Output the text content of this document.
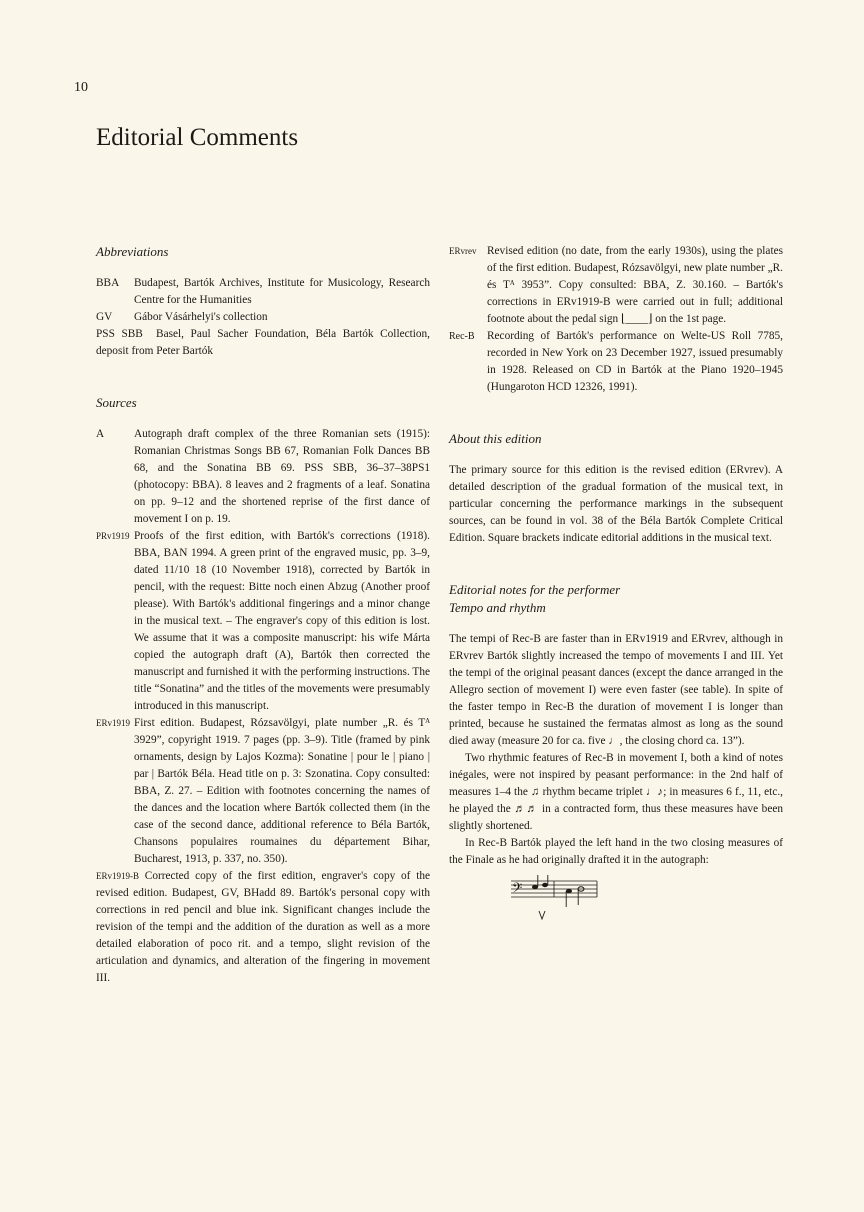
10
Editorial Comments

Abbreviations

BBA Budapest, Bartók Archives, Institute for Musicology, Research Centre for the Humanities
GV Gábor Vásárhelyi's collection
PSS SBB Basel, Paul Sacher Foundation, Béla Bartók Collection, deposit from Peter Bartók

Sources

A	Autograph draft complex of the three Romanian sets (1915): Romanian Christmas Songs BB 67, Romanian Folk Dances BB 68, and the Sonatina BB 69. PSS SBB, 36–37–38PS1 (photocopy: BBA). 8 leaves and 2 fragments of a leaf. Sonatina on pp. 9–12 and the shortened reprise of the first dance of movement I on p. 19.
PRv1919 Proofs of the first edition, with Bartók's corrections (1918). BBA, BAN 1994. A green print of the engraved music, pp. 3–9, dated 11/10 18 (10 November 1918), corrected by Bartók in pencil, with the request: Bitte noch einen Abzug (Another proof please). With Bartók's additional fingerings and a minor change in the musical text. – The engraver's copy of this edition is lost. We assume that it was a composite manuscript: his wife Márta copied the autograph draft (A), Bartók then corrected the manuscript and furnished it with the performing instructions. The title “Sonatina” and the titles of the movements were presumably introduced in this manuscript.
ERv1919 First edition. Budapest, Rózsavölgyi, plate number „R. és Tᴬ 3929”, copyright 1919. 7 pages (pp. 3–9). Title (framed by pink ornaments, design by Lajos Kozma): Sonatine | pour le | piano | par | Bartók Béla. Head title on p. 3: Szonatina. Copy consulted: BBA, Z. 27. – Edition with footnotes concerning the names of the dances and the location where Bartók collected them (in the case of the second dance, additional reference to Béla Bartók, Chansons populaires roumaines du département Bihar, Bucharest, 1913, p. 337, no. 350).
ERv1919-B Corrected copy of the first edition, engraver's copy of the revised edition. Budapest, GV, BHadd 89. Bartók's personal copy with corrections in red pencil and blue ink. Significant changes include the revision of the tempi and the addition of the duration as well as a more detailed elaboration of poco rit. and a tempo, slight revision of the articulation and dynamics, and alteration of the fingering in movement III.
ERvrev Revised edition (no date, from the early 1930s), using the plates of the first edition. Budapest, Rózsavölgyi, new plate number „R. és Tᴬ 3953”. Copy consulted: BBA, Z. 30.160. – Bartók's corrections in ERv1919-B were carried out in full; additional footnote about the pedal sign ⌊____⌋ on the 1st page.
Rec-B Recording of Bartók's performance on Welte-US Roll 7785, recorded in New York on 23 December 1927, issued presumably in 1928. Released on CD in Bartók at the Piano 1920–1945 (Hungaroton HCD 12326, 1991).

About this edition

The primary source for this edition is the revised edition (ERvrev). A detailed description of the gradual formation of the musical text, in particular concerning the performance markings in the subsequent sources, can be found in vol. 38 of the Béla Bartók Complete Critical Edition. Square brackets indicate editorial additions in the musical text.

Editorial notes for the performer

Tempo and rhythm

The tempi of Rec-B are faster than in ERv1919 and ERvrev, although in ERvrev Bartók slightly increased the tempo of movements I and III. Yet the tempi of the original peasant dances (except the dance arranged in the Allegro section of movement I) were even faster (see table). In spite of the faster tempo in Rec-B the duration of movement I is longer than printed, because he sustained the fermatas almost as long as the sound died away (measure 20 for ca. five ♩, the closing chord ca. 13”).

Two rhythmic features of Rec-B in movement I, both a kind of notes inégales, were not inspired by peasant performance: in the 2nd half of measures 1–4 the ♫ rhythm became triplet ♩♪; in measures 6 f., 11, etc., he played the ♬♬ in a contracted form, thus these measures have been slightly shortened.

In Rec-B Bartók played the left hand in the two closing measures of the Finale as he had originally drafted it in the autograph:

𝄢
